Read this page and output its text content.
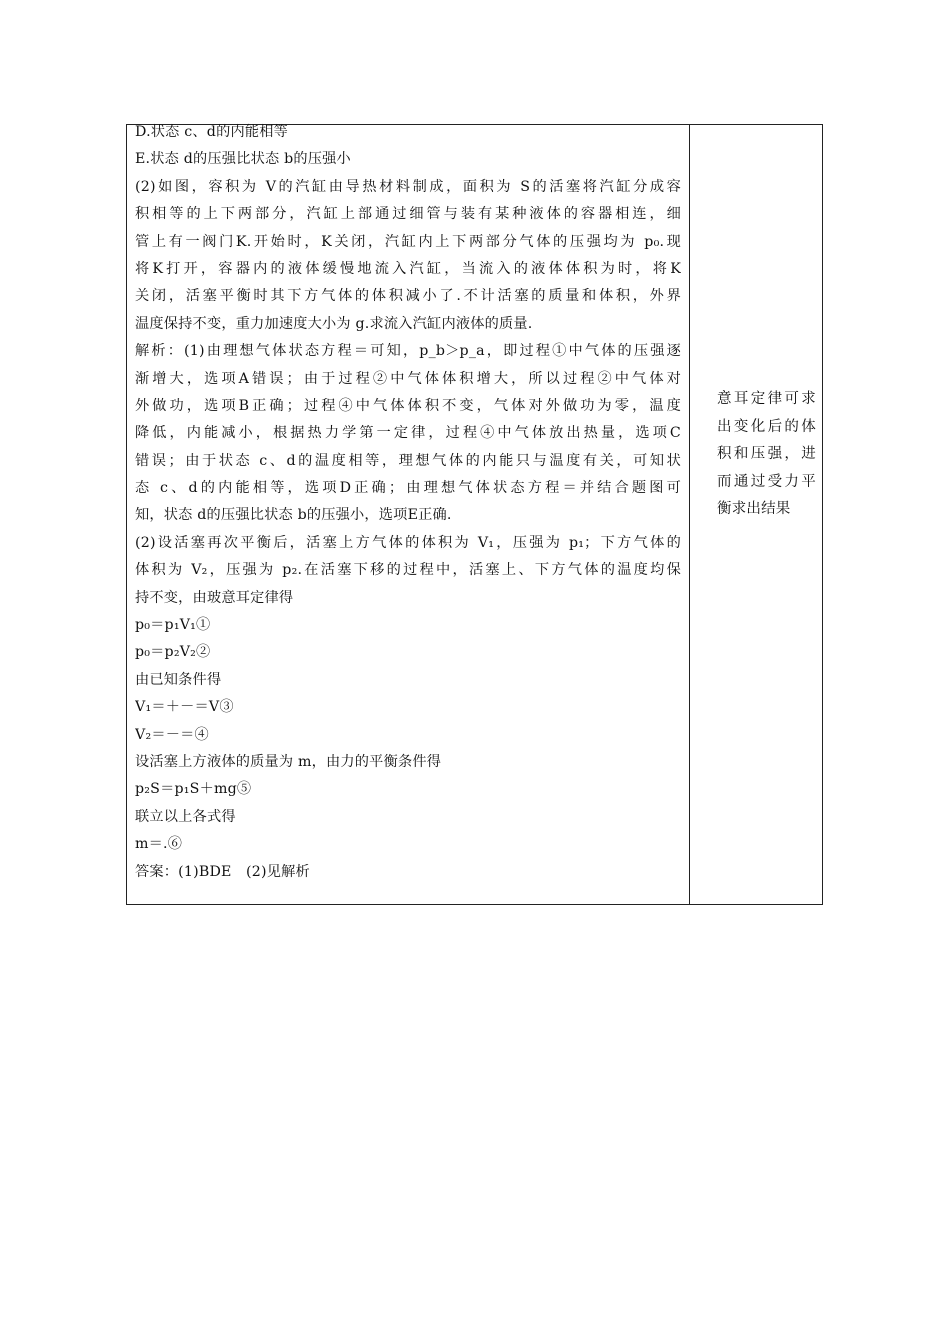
D.状态 c、d的内能相等
E.状态 d的压强比状态 b的压强小
(2)如图，容积为 V的汽缸由导热材料制成，面积为 S的活塞将汽缸分成容
积相等的上下两部分，汽缸上部通过细管与装有某种液体的容器相连，细
管上有一阀门K.开始时，K关闭，汽缸内上下两部分气体的压强均为 p₀.现
将K打开，容器内的液体缓慢地流入汽缸，当流入的液体体积为时，将K
关闭，活塞平衡时其下方气体的体积减小了.不计活塞的质量和体积，外界
温度保持不变，重力加速度大小为 g.求流入汽缸内液体的质量.
解析：(1)由理想气体状态方程＝可知，p_b＞p_a，即过程①中气体的压强逐
渐增大，选项A错误；由于过程②中气体体积增大，所以过程②中气体对
外做功，选项B正确；过程④中气体体积不变，气体对外做功为零，温度
降低，内能减小，根据热力学第一定律，过程④中气体放出热量，选项C
错误；由于状态 c、d的温度相等，理想气体的内能只与温度有关，可知状
态 c、d的内能相等，选项D正确；由理想气体状态方程＝并结合题图可
知，状态 d的压强比状态 b的压强小，选项E正确.
(2)设活塞再次平衡后，活塞上方气体的体积为 V₁，压强为 p₁；下方气体的
体积为 V₂，压强为 p₂.在活塞下移的过程中，活塞上、下方气体的温度均保
持不变，由玻意耳定律得
p₀＝p₁V₁①
p₀＝p₂V₂②
由已知条件得
V₁＝＋－＝V③
V₂＝－＝④
设活塞上方液体的质量为 m，由力的平衡条件得
p₂S＝p₁S＋mg⑤
联立以上各式得
m＝.⑥
答案：(1)BDE　(2)见解析
意耳定律可求
出变化后的体
积和压强，进
而通过受力平
衡求出结果
